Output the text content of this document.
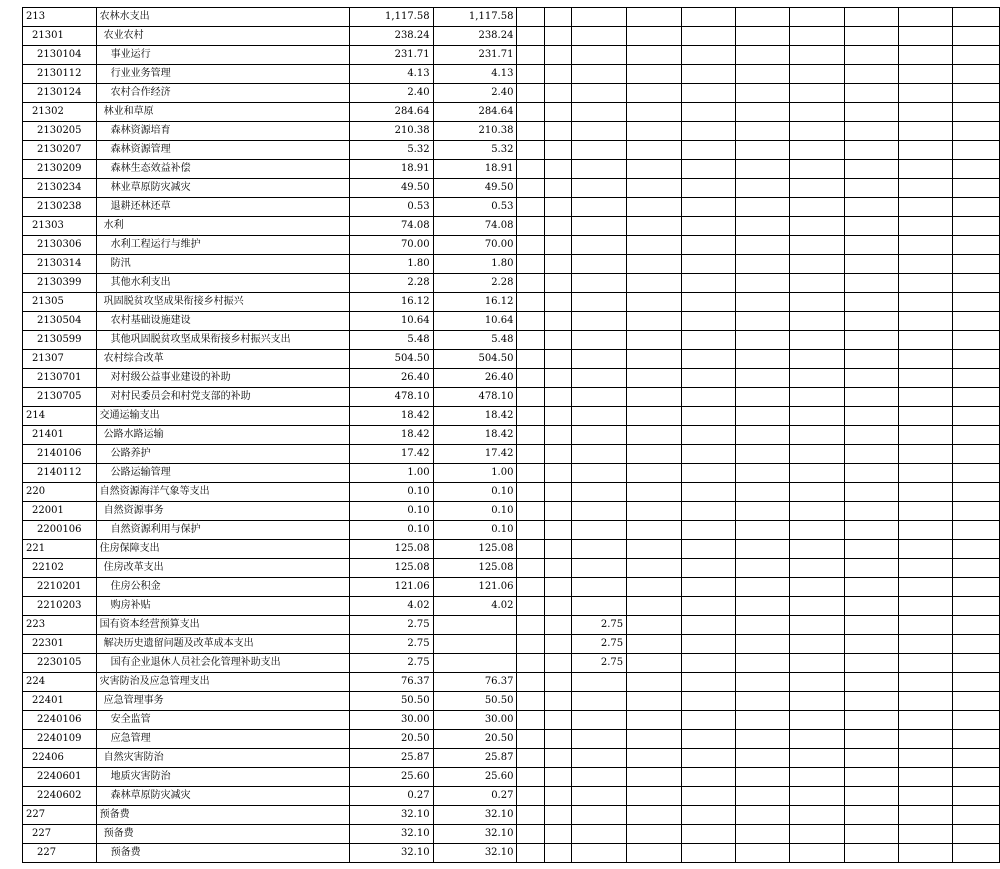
213	农林水支出	1,117.58	1,117.58										
21301	农业农村	238.24	238.24										
2130104	事业运行	231.71	231.71										
2130112	行业业务管理	4.13	4.13										
2130124	农村合作经济	2.40	2.40										
21302	林业和草原	284.64	284.64										
2130205	森林资源培育	210.38	210.38										
2130207	森林资源管理	5.32	5.32										
2130209	森林生态效益补偿	18.91	18.91										
2130234	林业草原防灾减灾	49.50	49.50										
2130238	退耕还林还草	0.53	0.53										
21303	水利	74.08	74.08										
2130306	水利工程运行与维护	70.00	70.00										
2130314	防汛	1.80	1.80										
2130399	其他水利支出	2.28	2.28										
21305	巩固脱贫攻坚成果衔接乡村振兴	16.12	16.12										
2130504	农村基础设施建设	10.64	10.64										
2130599	其他巩固脱贫攻坚成果衔接乡村振兴支出	5.48	5.48										
21307	农村综合改革	504.50	504.50										
2130701	对村级公益事业建设的补助	26.40	26.40										
2130705	对村民委员会和村党支部的补助	478.10	478.10										
214	交通运输支出	18.42	18.42										
21401	公路水路运输	18.42	18.42										
2140106	公路养护	17.42	17.42										
2140112	公路运输管理	1.00	1.00										
220	自然资源海洋气象等支出	0.10	0.10										
22001	自然资源事务	0.10	0.10										
2200106	自然资源利用与保护	0.10	0.10										
221	住房保障支出	125.08	125.08										
22102	住房改革支出	125.08	125.08										
2210201	住房公积金	121.06	121.06										
2210203	购房补贴	4.02	4.02										
223	国有资本经营预算支出	2.75				2.75							
22301	解决历史遗留问题及改革成本支出	2.75				2.75							
2230105	国有企业退休人员社会化管理补助支出	2.75				2.75							
224	灾害防治及应急管理支出	76.37	76.37										
22401	应急管理事务	50.50	50.50										
2240106	安全监管	30.00	30.00										
2240109	应急管理	20.50	20.50										
22406	自然灾害防治	25.87	25.87										
2240601	地质灾害防治	25.60	25.60										
2240602	森林草原防灾减灾	0.27	0.27										
227	预备费	32.10	32.10										
227	预备费	32.10	32.10										
227	预备费	32.10	32.10										
